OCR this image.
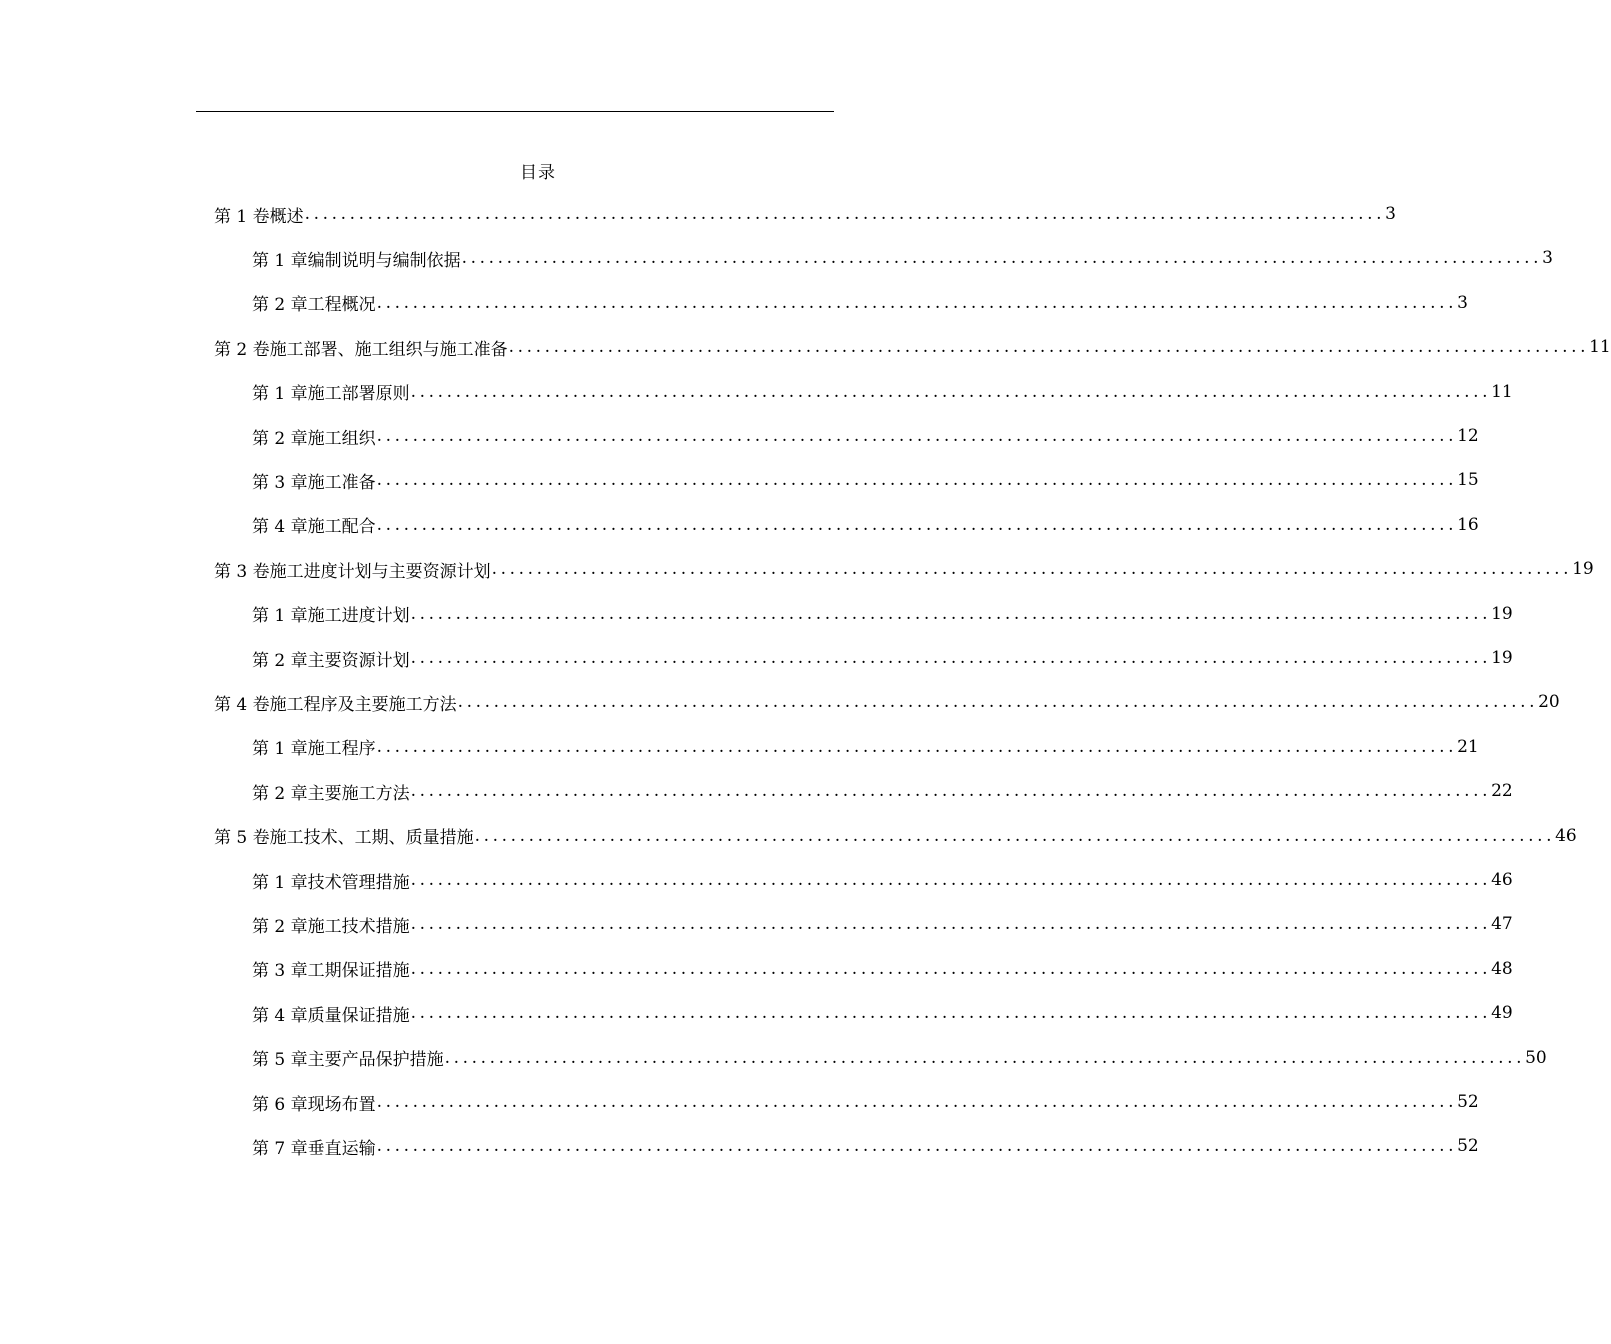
目录
第 1 卷 概述 ........................................................................................................................ 3
第 1 章 编制说明与编制依据 ........................................................................................................................ 3
第 2 章 工程概况 ........................................................................................................................ 3
第 2 卷 施工部署、施工组织与施工准备 ........................................................................................................................ 11
第 1 章 施工部署原则 ........................................................................................................................ 11
第 2 章 施工组织 ........................................................................................................................ 12
第 3 章 施工准备 ........................................................................................................................ 15
第 4 章 施工配合 ........................................................................................................................ 16
第 3 卷 施工进度计划与主要资源计划 ........................................................................................................................ 19
第 1 章 施工进度计划 ........................................................................................................................ 19
第 2 章 主要资源计划 ........................................................................................................................ 19
第 4 卷 施工程序及主要施工方法 ........................................................................................................................ 20
第 1 章 施工程序 ........................................................................................................................ 21
第 2 章 主要施工方法 ........................................................................................................................ 22
第 5 卷 施工技术、工期、质量措施 ........................................................................................................................ 46
第 1 章 技术管理措施 ........................................................................................................................ 46
第 2 章 施工技术措施 ........................................................................................................................ 47
第 3 章 工期保证措施 ........................................................................................................................ 48
第 4 章 质量保证措施 ........................................................................................................................ 49
第 5 章 主要产品保护措施 ........................................................................................................................ 50
第 6 章 现场布置 ........................................................................................................................ 52
第 7 章 垂直运输 ........................................................................................................................ 52
